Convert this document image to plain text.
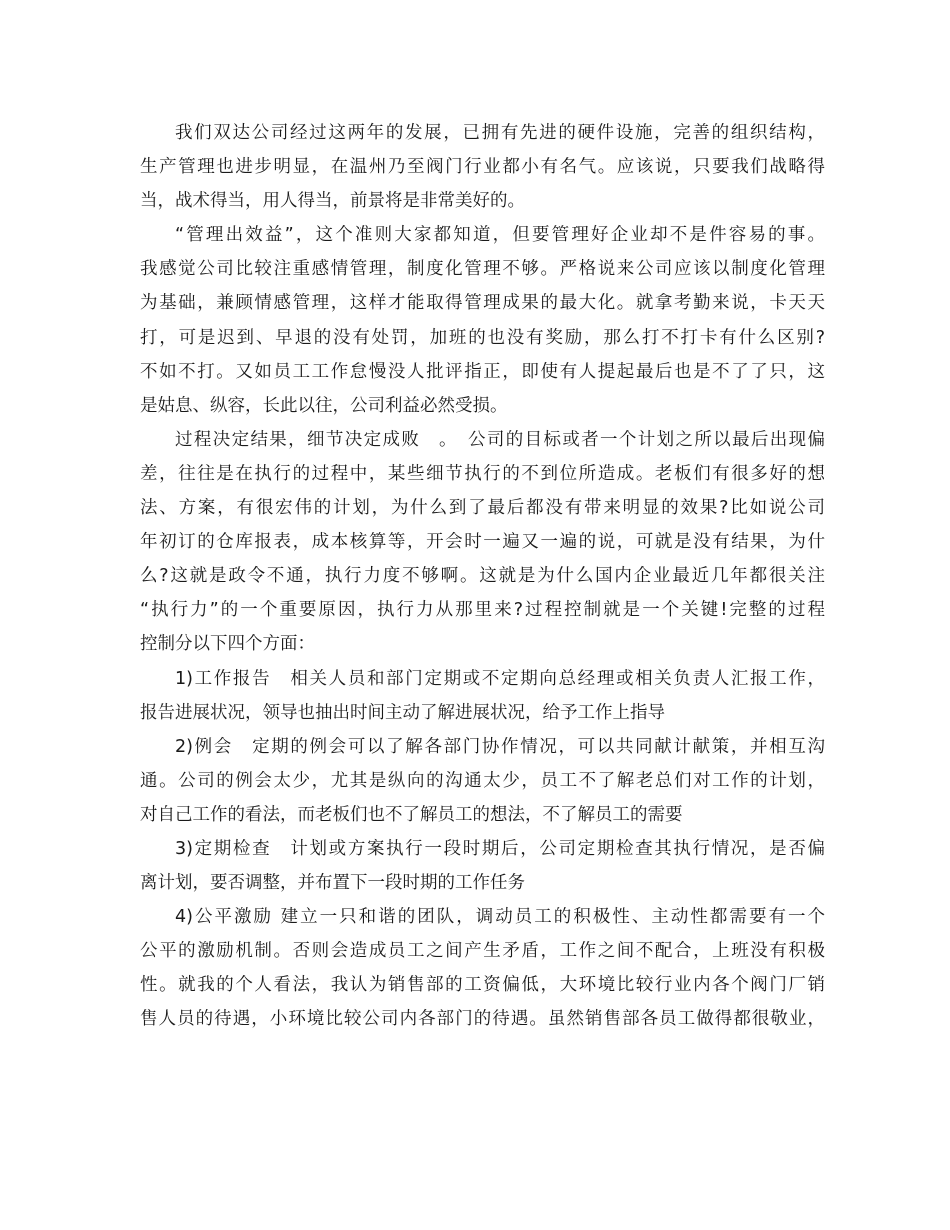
我们双达公司经过这两年的发展，已拥有先进的硬件设施，完善的组织结构，
生产管理也进步明显，在温州乃至阀门行业都小有名气。应该说，只要我们战略得
当，战术得当，用人得当，前景将是非常美好的。
“管理出效益”，这个准则大家都知道，但要管理好企业却不是件容易的事。
我感觉公司比较注重感情管理，制度化管理不够。严格说来公司应该以制度化管理
为基础，兼顾情感管理，这样才能取得管理成果的最大化。就拿考勤来说，卡天天
打，可是迟到、早退的没有处罚，加班的也没有奖励，那么打不打卡有什么区别?
不如不打。又如员工工作怠慢没人批评指正，即使有人提起最后也是不了了只，这
是姑息、纵容，长此以往，公司利益必然受损。
过程决定结果，细节决定成败　。　公司的目标或者一个计划之所以最后出现偏
差，往往是在执行的过程中，某些细节执行的不到位所造成。老板们有很多好的想
法、方案，有很宏伟的计划，为什么到了最后都没有带来明显的效果?比如说公司
年初订的仓库报表，成本核算等，开会时一遍又一遍的说，可就是没有结果，为什
么?这就是政令不通，执行力度不够啊。这就是为什么国内企业最近几年都很关注
“执行力”的一个重要原因，执行力从那里来?过程控制就是一个关键!完整的过程
控制分以下四个方面：
1)工作报告　相关人员和部门定期或不定期向总经理或相关负责人汇报工作，
报告进展状况，领导也抽出时间主动了解进展状况，给予工作上指导
2)例会　定期的例会可以了解各部门协作情况，可以共同献计献策，并相互沟
通。公司的例会太少，尤其是纵向的沟通太少，员工不了解老总们对工作的计划，
对自己工作的看法，而老板们也不了解员工的想法，不了解员工的需要
3)定期检查　计划或方案执行一段时期后，公司定期检查其执行情况，是否偏
离计划，要否调整，并布置下一段时期的工作任务
4)公平激励 建立一只和谐的团队，调动员工的积极性、主动性都需要有一个
公平的激励机制。否则会造成员工之间产生矛盾，工作之间不配合，上班没有积极
性。就我的个人看法，我认为销售部的工资偏低，大环境比较行业内各个阀门厂销
售人员的待遇，小环境比较公司内各部门的待遇。虽然销售部各员工做得都很敬业，
